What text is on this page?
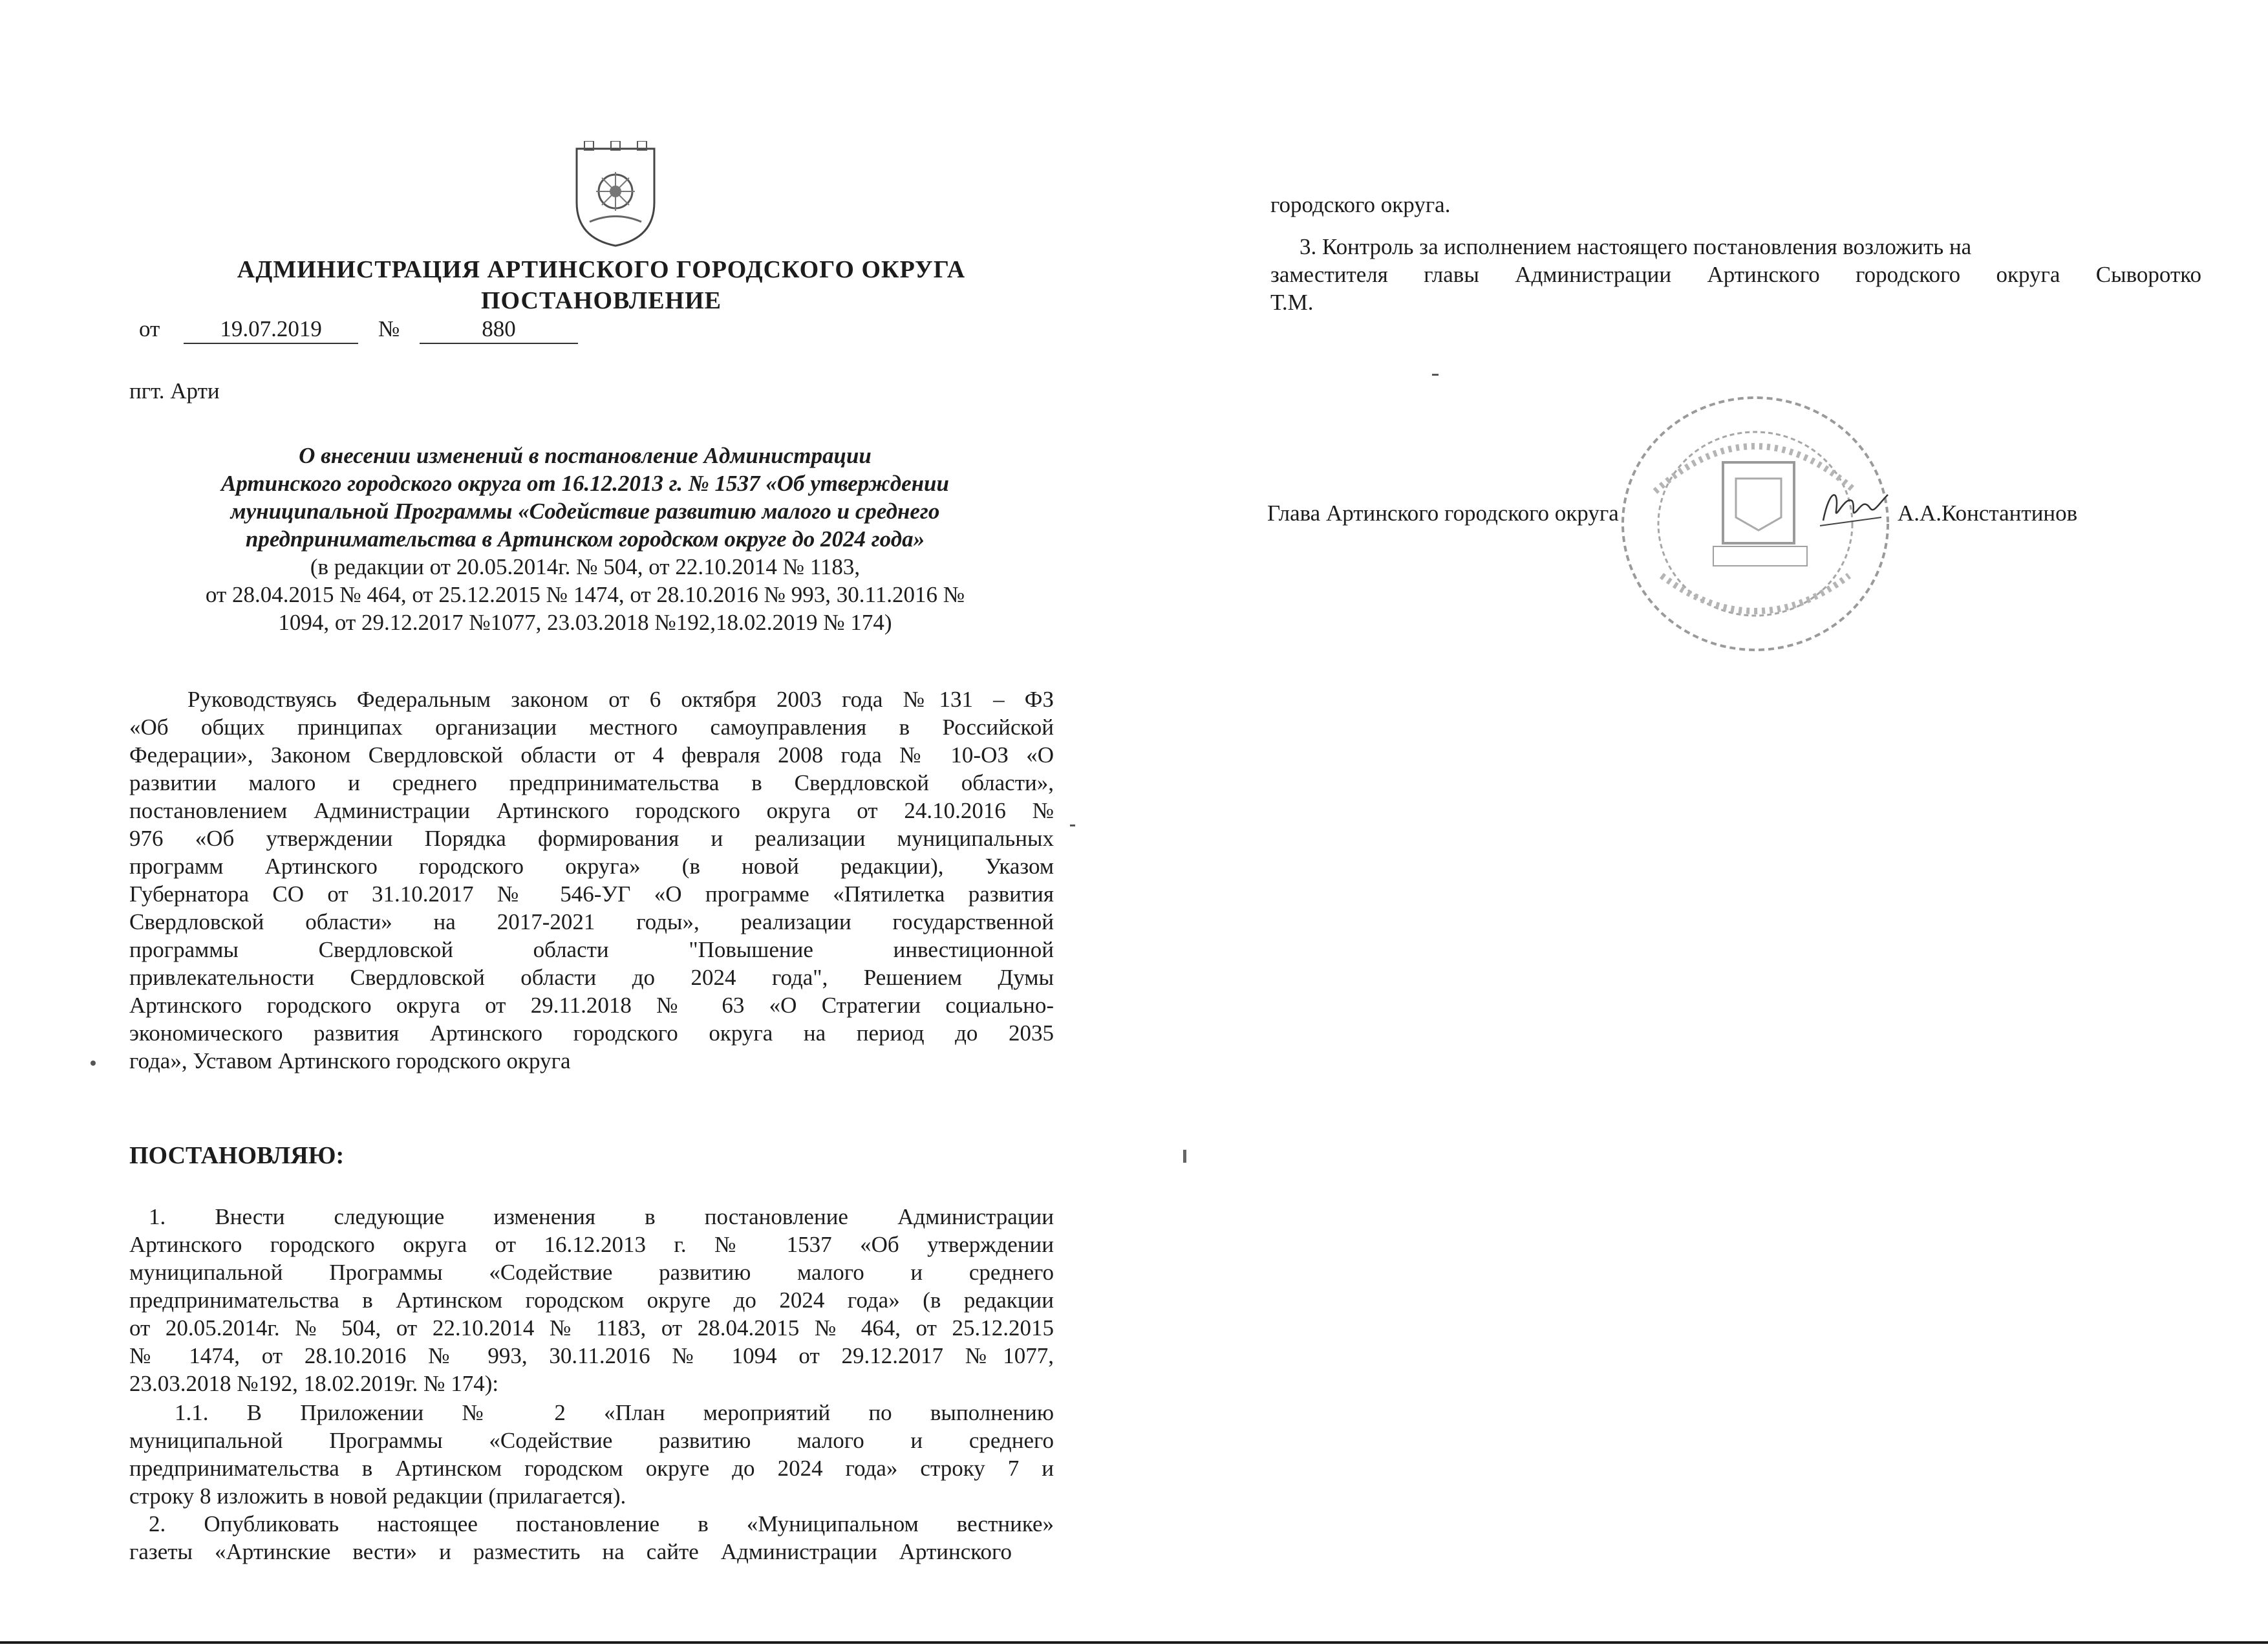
АДМИНИСТРАЦИЯ АРТИНСКОГО ГОРОДСКОГО ОКРУГА
ПОСТАНОВЛЕНИЕ
от	19.07.2019 №	880
пгт. Арти
О внесении изменений в постановление Администрации
Артинского городского округа от 16.12.2013 г. № 1537 «Об утверждении
муниципальной Программы «Содействие развитию малого и среднего
предпринимательства в Артинском городском округе до 2024 года»
(в редакции от 20.05.2014г. № 504, от 22.10.2014 № 1183,
от 28.04.2015 № 464, от 25.12.2015 № 1474, от 28.10.2016 № 993, 30.11.2016 №
1094, от 29.12.2017 №1077, 23.03.2018 №192,18.02.2019 № 174)
Руководствуясь Федеральным законом от 6 октября 2003 года №131 – ФЗ
«Об общих принципах организации местного самоуправления в Российской
Федерации», Законом Свердловской области от 4 февраля 2008 года № 10-ОЗ «О
развитии малого и среднего предпринимательства в Свердловской области»,
постановлением Администрации Артинского городского округа от 24.10.2016 №
976 «Об утверждении Порядка формирования и реализации муниципальных
программ Артинского городского округа» (в новой редакции), Указом
Губернатора СО от 31.10.2017 № 546-УГ «О программе «Пятилетка развития
Свердловской области» на 2017-2021 годы», реализации государственной
программы Свердловской области "Повышение инвестиционной
привлекательности Свердловской области до 2024 года", Решением Думы
Артинского городского округа от 29.11.2018 № 63 «О Стратегии социально-
экономического развития Артинского городского округа на период до 2035
года», Уставом Артинского городского округа
ПОСТАНОВЛЯЮ:
1. Внести следующие изменения в постановление Администрации
Артинского городского округа от 16.12.2013 г. № 1537 «Об утверждении
муниципальной Программы «Содействие развитию малого и среднего
предпринимательства в Артинском городском округе до 2024 года» (в редакции
от 20.05.2014г. № 504, от 22.10.2014 № 1183, от 28.04.2015 № 464, от 25.12.2015
№ 1474, от 28.10.2016 № 993, 30.11.2016 № 1094 от 29.12.2017 №1077,
23.03.2018 №192, 18.02.2019г. № 174):
1.1. В Приложении № 2 «План мероприятий по выполнению
муниципальной Программы «Содействие развитию малого и среднего
предпринимательства в Артинском городском округе до 2024 года» строку 7 и
строку 8 изложить в новой редакции (прилагается).
2. Опубликовать настоящее постановление в «Муниципальном вестнике»
газеты «Артинские вести» и разместить на сайте Администрации Артинского
городского округа.
3. Контроль за исполнением настоящего постановления возложить на
заместителя главы Администрации Артинского городского округа Сыворотко
Т.М.
Глава Артинского городского округа	А.А.Константинов
